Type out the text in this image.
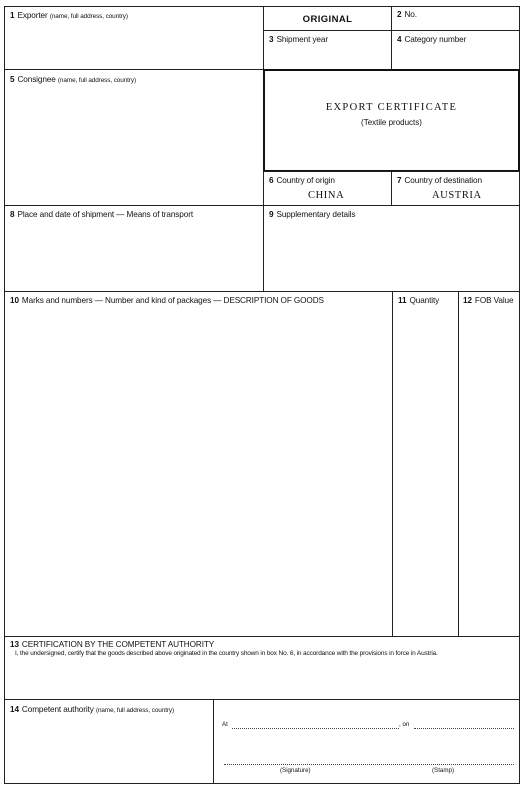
1 Exporter (name, full address, country)	ORIGINAL	2 No.
3 Shipment year	4 Category number
5 Consignee (name, full address, country)
EXPORT CERTIFICATE
(Textile products)
6 Country of origin
CHINA
7 Country of destination
AUSTRIA
8 Place and date of shipment — Means of transport	9 Supplementary details
10 Marks and numbers — Number and kind of packages — DESCRIPTION OF GOODS	11 Quantity	12 FOB Value
13 CERTIFICATION BY THE COMPETENT AUTHORITY
I, the undersigned, certify that the goods described above originated in the country shown in box No. 6, in accordance with the provisions in force in Austria.
14 Competent authority (name, full address, country)
At	, on
(Signature)	(Stamp)
